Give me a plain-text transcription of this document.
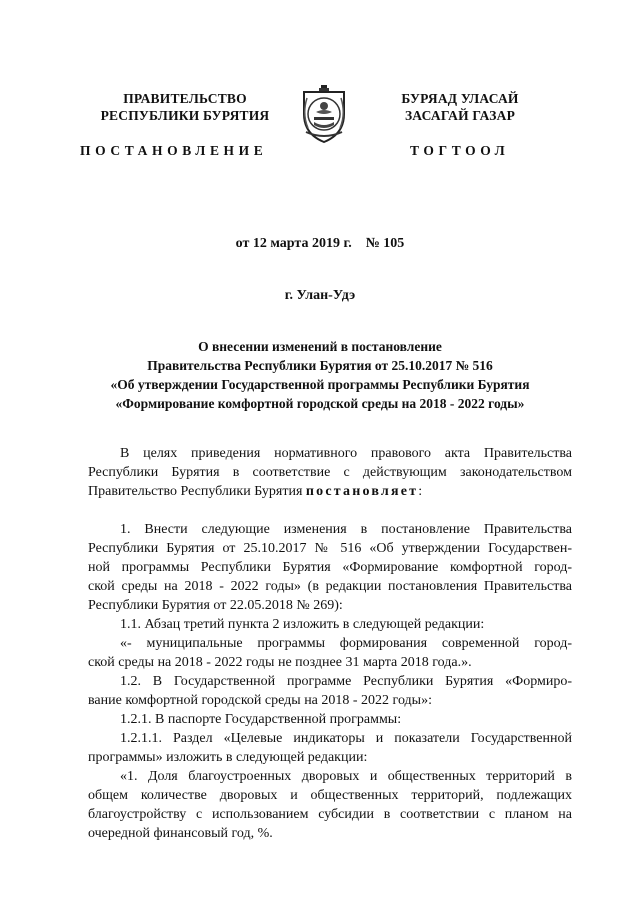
ПРАВИТЕЛЬСТВО
РЕСПУБЛИКИ БУРЯТИЯ
БУРЯАД УЛАСАЙ
ЗАСАГАЙ ГАЗАР
ПОСТАНОВЛЕНИЕ	ТОГТООЛ
от 12 марта 2019 г. № 105
г. Улан-Удэ
О внесении изменений в постановление
Правительства Республики Бурятия от 25.10.2017 № 516
«Об утверждении Государственной программы Республики Бурятия
«Формирование комфортной городской среды на 2018 - 2022 годы»
В целях приведения нормативного правового акта Правительства
Республики Бурятия в соответствие с действующим законодательством
Правительство Республики Бурятия постановляет:
1. Внести следующие изменения в постановление Правительства
Республики Бурятия от 25.10.2017 № 516 «Об утверждении Государствен-
ной программы Республики Бурятия «Формирование комфортной город-
ской среды на 2018 - 2022 годы» (в редакции постановления Правительства
Республики Бурятия от 22.05.2018 № 269):
1.1. Абзац третий пункта 2 изложить в следующей редакции:
«- муниципальные программы формирования современной город-
ской среды на 2018 - 2022 годы не позднее 31 марта 2018 года.».
1.2. В Государственной программе Республики Бурятия «Формиро-
вание комфортной городской среды на 2018 - 2022 годы»:
1.2.1. В паспорте Государственной программы:
1.2.1.1. Раздел «Целевые индикаторы и показатели Государственной
программы» изложить в следующей редакции:
«1. Доля благоустроенных дворовых и общественных территорий в
общем количестве дворовых и общественных территорий, подлежащих
благоустройству с использованием субсидии в соответствии с планом на
очередной финансовый год, %.
